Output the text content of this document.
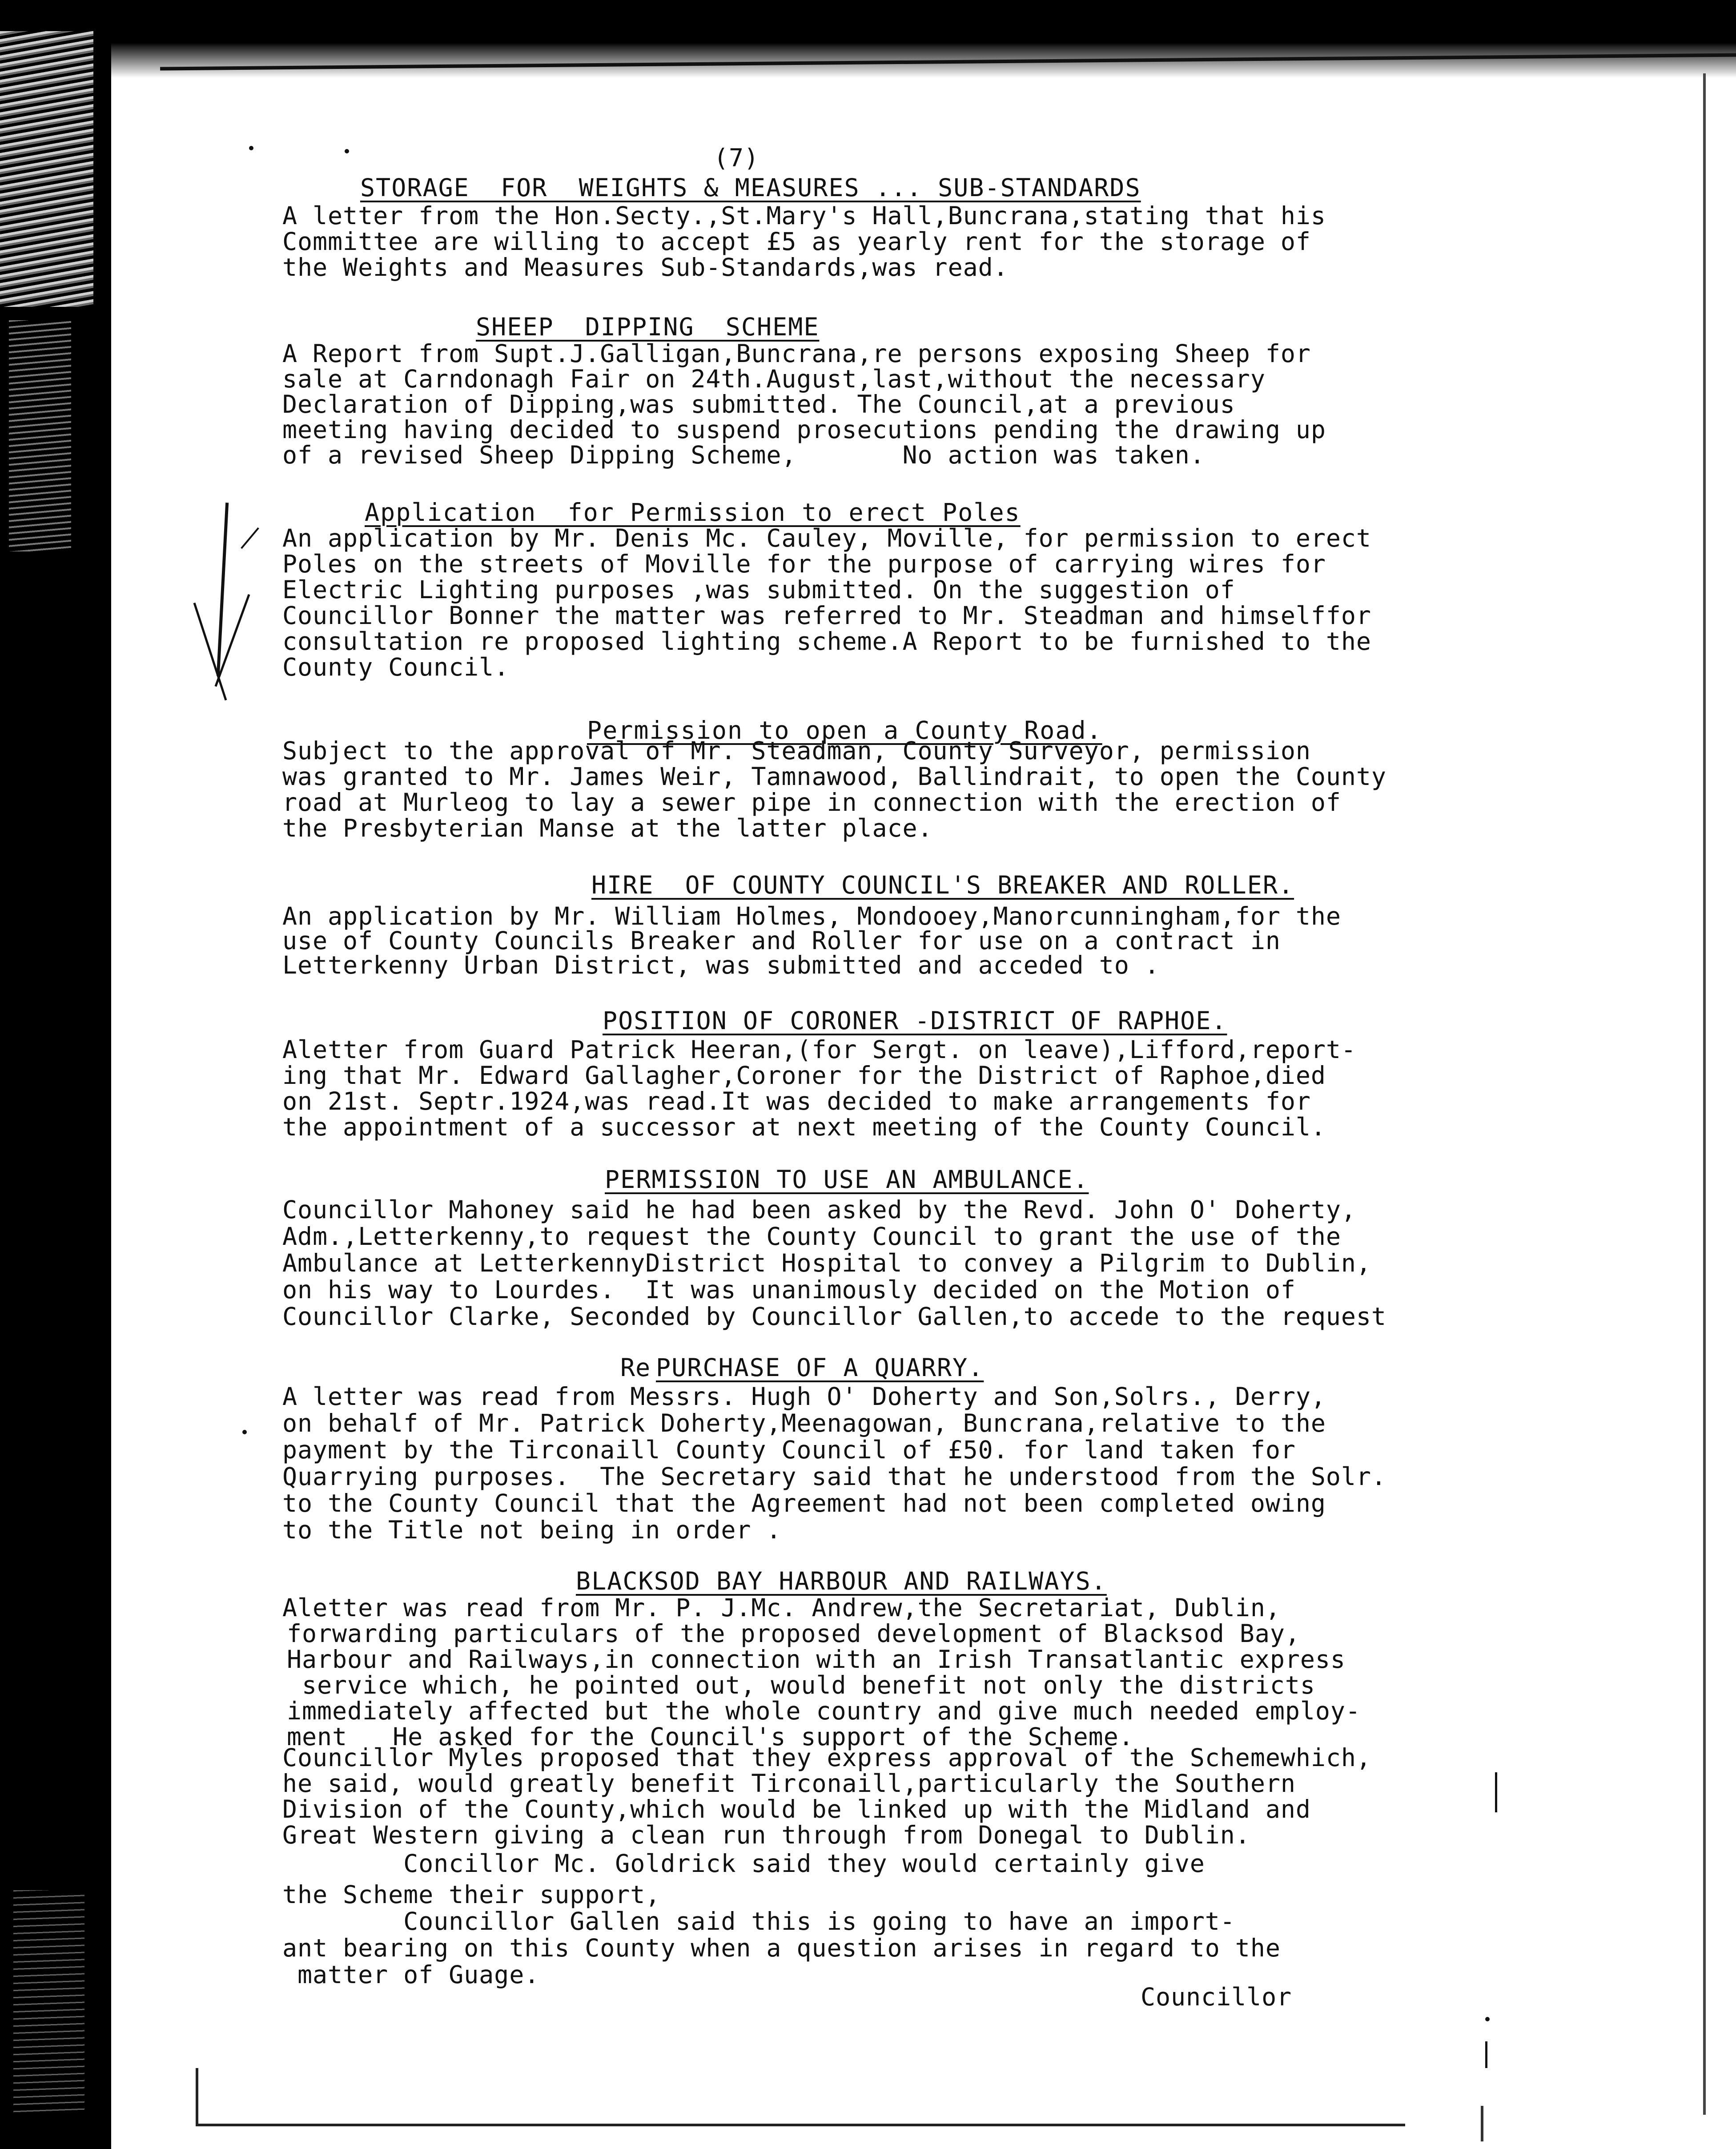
(7)
STORAGE  FOR  WEIGHTS & MEASURES ... SUB-STANDARDS
A letter from the Hon.Secty.,St.Mary's Hall,Buncrana,stating that his
Committee are willing to accept £5 as yearly rent for the storage of
the Weights and Measures Sub-Standards,was read.
SHEEP  DIPPING  SCHEME
A Report from Supt.J.Galligan,Buncrana,re persons exposing Sheep for
sale at Carndonagh Fair on 24th.August,last,without the necessary
Declaration of Dipping,was submitted. The Council,at a previous
meeting having decided to suspend prosecutions pending the drawing up
of a revised Sheep Dipping Scheme,       No action was taken.
Application  for Permission to erect Poles
An application by Mr. Denis Mc. Cauley, Moville, for permission to erect
Poles on the streets of Moville for the purpose of carrying wires for
Electric Lighting purposes ,was submitted. On the suggestion of
Councillor Bonner the matter was referred to Mr. Steadman and himselffor
consultation re proposed lighting scheme.A Report to be furnished to the
County Council.
Permission to open a County Road.
Subject to the approval of Mr. Steadman, County Surveyor, permission
was granted to Mr. James Weir, Tamnawood, Ballindrait, to open the County
road at Murleog to lay a sewer pipe in connection with the erection of
the Presbyterian Manse at the latter place.
HIRE  OF COUNTY COUNCIL'S BREAKER AND ROLLER.
An application by Mr. William Holmes, Mondooey,Manorcunningham,for the
use of County Councils Breaker and Roller for use on a contract in
Letterkenny Urban District, was submitted and acceded to .
POSITION OF CORONER -DISTRICT OF RAPHOE.
Aletter from Guard Patrick Heeran,(for Sergt. on leave),Lifford,report-
ing that Mr. Edward Gallagher,Coroner for the District of Raphoe,died
on 21st. Septr.1924,was read.It was decided to make arrangements for
the appointment of a successor at next meeting of the County Council.
PERMISSION TO USE AN AMBULANCE.
Councillor Mahoney said he had been asked by the Revd. John O' Doherty,
Adm.,Letterkenny,to request the County Council to grant the use of the
Ambulance at LetterkennyDistrict Hospital to convey a Pilgrim to Dublin,
on his way to Lourdes.  It was unanimously decided on the Motion of
Councillor Clarke, Seconded by Councillor Gallen,to accede to the request
Re
PURCHASE OF A QUARRY.
A letter was read from Messrs. Hugh O' Doherty and Son,Solrs., Derry,
on behalf of Mr. Patrick Doherty,Meenagowan, Buncrana,relative to the
payment by the Tirconaill County Council of £50. for land taken for
Quarrying purposes.  The Secretary said that he understood from the Solr.
to the County Council that the Agreement had not been completed owing
to the Title not being in order .
BLACKSOD BAY HARBOUR AND RAILWAYS.
Aletter was read from Mr. P. J.Mc. Andrew,the Secretariat, Dublin,
forwarding particulars of the proposed development of Blacksod Bay,
Harbour and Railways,in connection with an Irish Transatlantic express
service which, he pointed out, would benefit not only the districts
immediately affected but the whole country and give much needed employ-
ment   He asked for the Council's support of the Scheme.
Councillor Myles proposed that they express approval of the Schemewhich,
he said, would greatly benefit Tirconaill,particularly the Southern
Division of the County,which would be linked up with the Midland and
Great Western giving a clean run through from Donegal to Dublin.
Concillor Mc. Goldrick said they would certainly give
the Scheme their support,
Councillor Gallen said this is going to have an import-
ant bearing on this County when a question arises in regard to the
matter of Guage.
Councillor
